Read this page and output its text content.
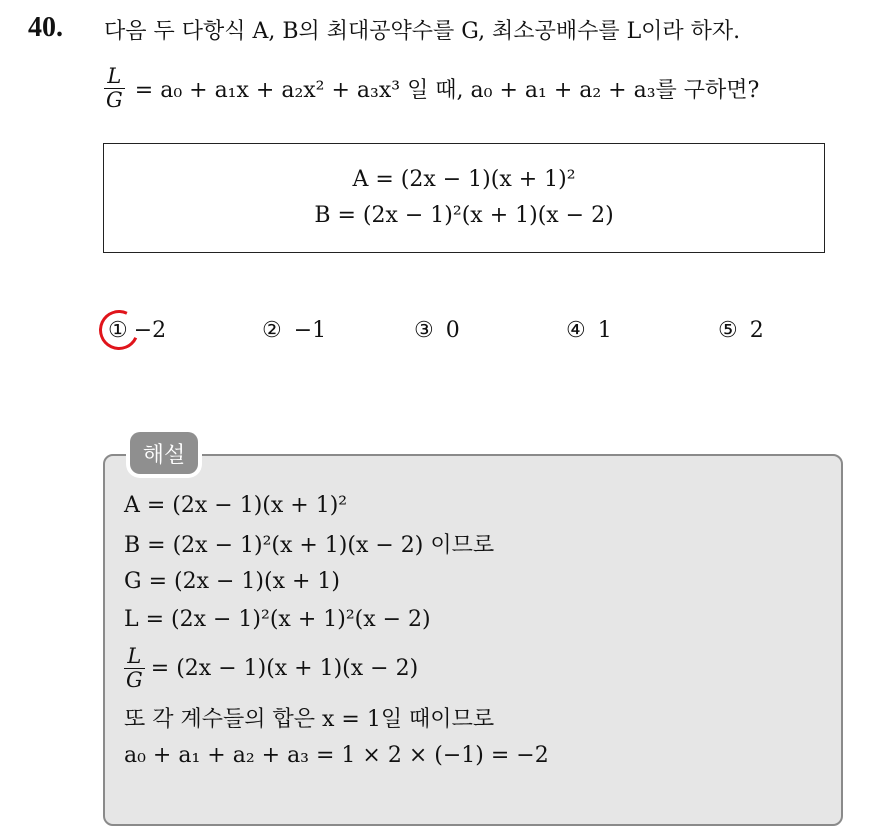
40. 다음 두 다항식 A, B의 최대공약수를 G, 최소공배수를 L이라 하자.
$\frac{L}{G} = a_0 + a_1x + a_2x^2 + a_3x^3$ 일 때, a₀ + a₁ + a₂ + a₃를 구하면?
A = (2x − 1)(x + 1)²
B = (2x − 1)²(x + 1)(x − 2)
① −2	② −1	③ 0	④ 1	⑤ 2
해설
A = (2x − 1)(x + 1)²
B = (2x − 1)²(x + 1)(x − 2) 이므로
G = (2x − 1)(x + 1)
L = (2x − 1)²(x + 1)²(x − 2)
$\frac{L}{G} = (2x - 1)(x + 1)(x - 2)$
또 각 계수들의 합은 x = 1일 때이므로
a₀ + a₁ + a₂ + a₃ = 1 × 2 × (−1) = −2
